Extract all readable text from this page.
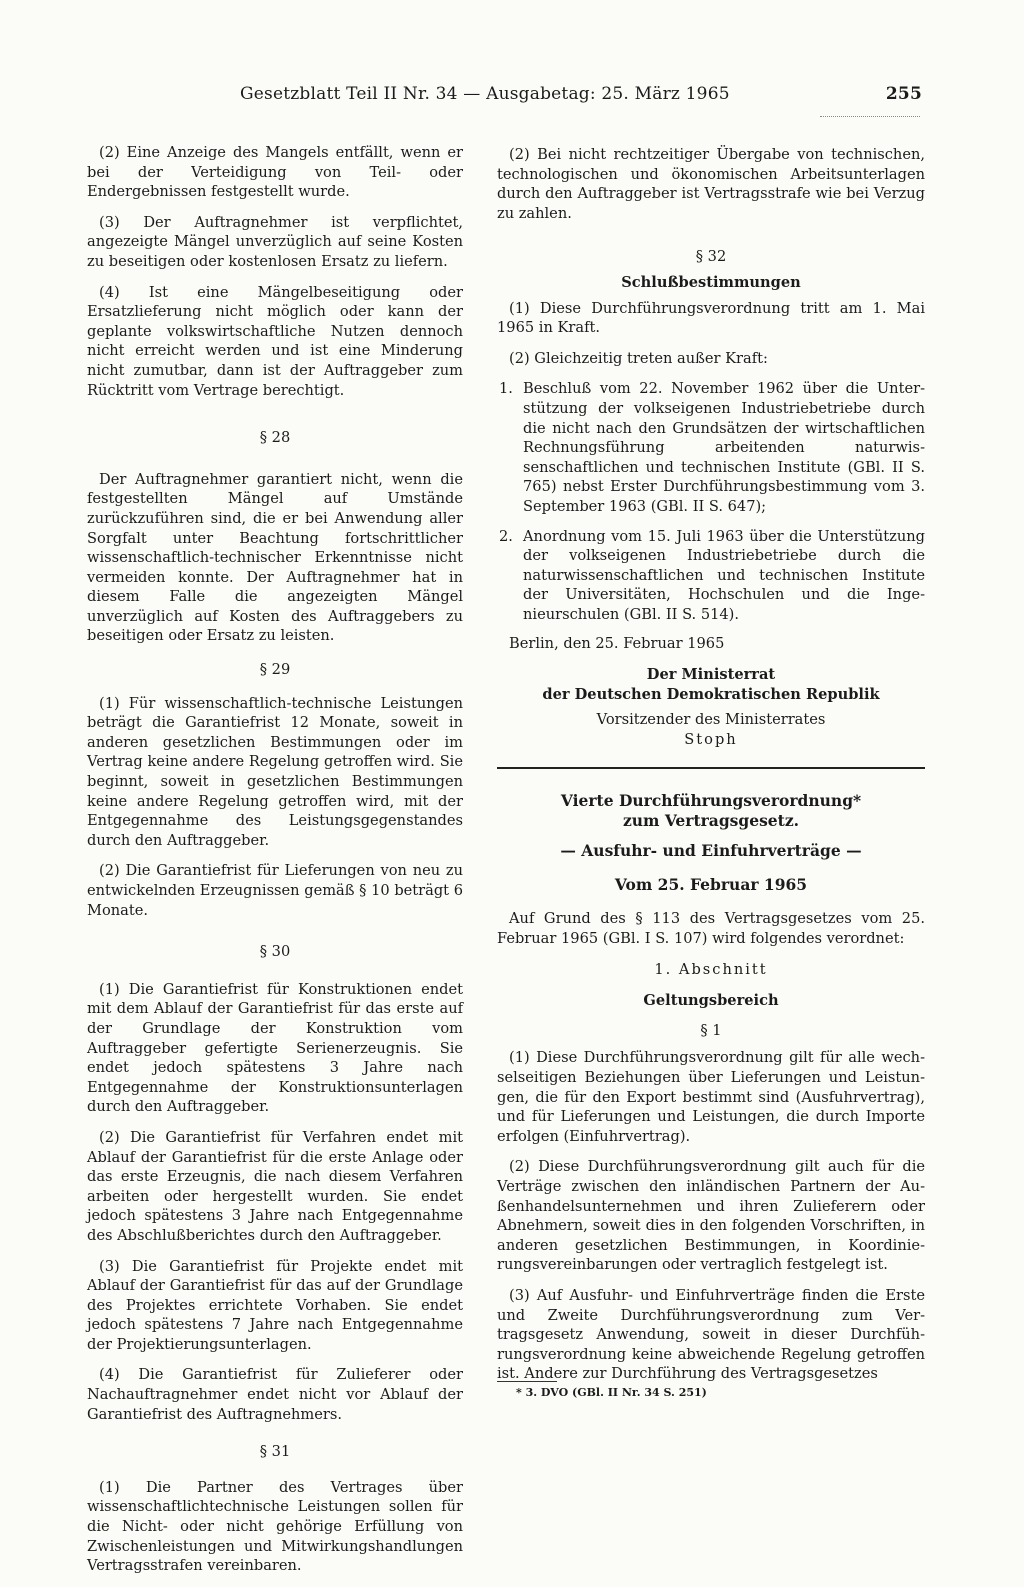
Gesetzblatt Teil II Nr. 34 — Ausgabetag: 25. März 1965	255

(2) Eine Anzeige des Mangels entfällt, wenn er bei der Verteidigung von Teil- oder Endergebnissen festgestellt wurde.

(3) Der Auftragnehmer ist verpflichtet, angezeigte Mängel unverzüglich auf seine Kosten zu beseitigen oder kostenlosen Ersatz zu liefern.

(4) Ist eine Mängelbeseitigung oder Ersatzlieferung nicht möglich oder kann der geplante volkswirtschaftliche Nutzen dennoch nicht erreicht werden und ist eine Minderung nicht zumutbar, dann ist der Auftraggeber zum Rücktritt vom Vertrage berechtigt.

§ 28

Der Auftragnehmer garantiert nicht, wenn die festgestellten Mängel auf Umstände zurückzuführen sind, die er bei Anwendung aller Sorgfalt unter Beachtung fortschrittlicher wissenschaftlich-technischer Erkenntnisse nicht vermeiden konnte. Der Auftragnehmer hat in diesem Falle die angezeigten Mängel unverzüglich auf Kosten des Auftraggebers zu beseitigen oder Ersatz zu leisten.

§ 29

(1) Für wissenschaftlich-technische Leistungen beträgt die Garantiefrist 12 Monate, soweit in anderen gesetzlichen Bestimmungen oder im Vertrag keine andere Regelung getroffen wird. Sie beginnt, soweit in gesetzlichen Bestimmungen keine andere Regelung getroffen wird, mit der Entgegennahme des Leistungsgegenstandes durch den Auftraggeber.

(2) Die Garantiefrist für Lieferungen von neu zu entwickelnden Erzeugnissen gemäß § 10 beträgt 6 Monate.

§ 30

(1) Die Garantiefrist für Konstruktionen endet mit dem Ablauf der Garantiefrist für das erste auf der Grundlage der Konstruktion vom Auftraggeber gefertigte Serienerzeugnis. Sie endet jedoch spätestens 3 Jahre nach Entgegennahme der Konstruktionsunterlagen durch den Auftraggeber.

(2) Die Garantiefrist für Verfahren endet mit Ablauf der Garantiefrist für die erste Anlage oder das erste Erzeugnis, die nach diesem Verfahren arbeiten oder hergestellt wurden. Sie endet jedoch spätestens 3 Jahre nach Entgegennahme des Abschlußberichtes durch den Auftraggeber.

(3) Die Garantiefrist für Projekte endet mit Ablauf der Garantiefrist für das auf der Grundlage des Projektes errichtete Vorhaben. Sie endet jedoch spätestens 7 Jahre nach Entgegennahme der Projektierungsunterlagen.

(4) Die Garantiefrist für Zulieferer oder Nachauftragnehmer endet nicht vor Ablauf der Garantiefrist des Auftragnehmers.

§ 31

(1) Die Partner des Vertrages über wissenschaftlichtechnische Leistungen sollen für die Nicht- oder nicht gehörige Erfüllung von Zwischenleistungen und Mitwirkungshandlungen Vertragsstrafen vereinbaren.

(2) Bei nicht rechtzeitiger Übergabe von technischen, technologischen und ökonomischen Arbeitsunterlagen durch den Auftraggeber ist Vertragsstrafe wie bei Verzug zu zahlen.

§ 32
Schlußbestimmungen

(1) Diese Durchführungsverordnung tritt am 1. Mai 1965 in Kraft.

(2) Gleichzeitig treten außer Kraft:

1. Beschluß vom 22. November 1962 über die Unterstützung der volkseigenen Industriebetriebe durch die nicht nach den Grundsätzen der wirtschaftlichen Rechnungsführung arbeitenden naturwissenschaftlichen und technischen Institute (GBl. II S. 765) nebst Erster Durchführungsbestimmung vom 3. September 1963 (GBl. II S. 647);
2. Anordnung vom 15. Juli 1963 über die Unterstützung der volkseigenen Industriebetriebe durch die naturwissenschaftlichen und technischen Institute der Universitäten, Hochschulen und die Ingenieurschulen (GBl. II S. 514).

Berlin, den 25. Februar 1965

Der Ministerrat
der Deutschen Demokratischen Republik
Vorsitzender des Ministerrates
Stoph
Vierte Durchführungsverordnung*
zum Vertragsgesetz.
— Ausfuhr- und Einfuhrverträge —
Vom 25. Februar 1965

Auf Grund des § 113 des Vertragsgesetzes vom 25. Februar 1965 (GBl. I S. 107) wird folgendes verordnet:

1. Abschnitt
Geltungsbereich
§ 1

(1) Diese Durchführungsverordnung gilt für alle wechselseitigen Beziehungen über Lieferungen und Leistungen, die für den Export bestimmt sind (Ausfuhrvertrag), und für Lieferungen und Leistungen, die durch Importe erfolgen (Einfuhrvertrag).

(2) Diese Durchführungsverordnung gilt auch für die Verträge zwischen den inländischen Partnern der Außenhandelsunternehmen und ihren Zulieferern oder Abnehmern, soweit dies in den folgenden Vorschriften, in anderen gesetzlichen Bestimmungen, in Koordinierungsvereinbarungen oder vertraglich festgelegt ist.

(3) Auf Ausfuhr- und Einfuhrverträge finden die Erste und Zweite Durchführungsverordnung zum Vertragsgesetz Anwendung, soweit in dieser Durchführungsverordnung keine abweichende Regelung getroffen ist. Andere zur Durchführung des Vertragsgesetzes

* 3. DVO (GBl. II Nr. 34 S. 251)
